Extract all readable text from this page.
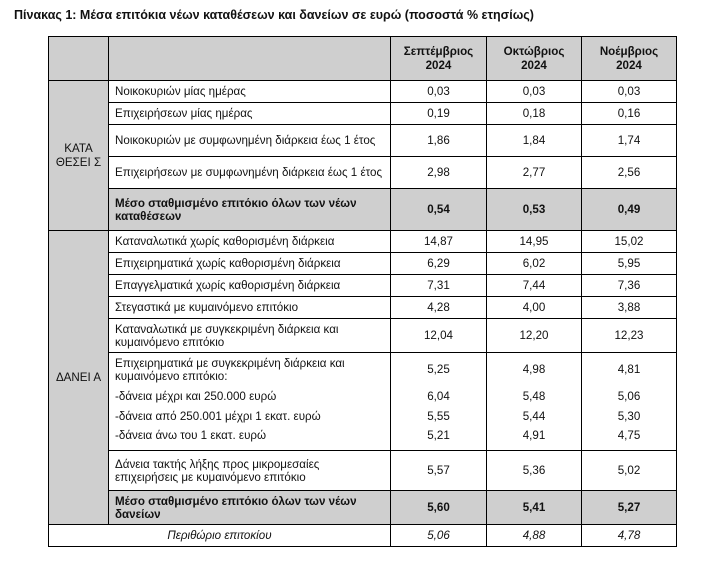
Πίνακας 1: Μέσα επιτόκια νέων καταθέσεων και δανείων σε ευρώ (ποσοστά % ετησίως)
		Σεπτέμβριος 2024	Οκτώβριος 2024	Νοέμβριος 2024
ΚΑΤΑ ΘΕΣΕΙ Σ	Νοικοκυριών μίας ημέρας	0,03	0,03	0,03
	Επιχειρήσεων μίας ημέρας	0,19	0,18	0,16
	Νοικοκυριών με συμφωνημένη διάρκεια έως 1 έτος	1,86	1,84	1,74
	Επιχειρήσεων με συμφωνημένη διάρκεια έως 1 έτος	2,98	2,77	2,56
	Μέσο σταθμισμένο επιτόκιο όλων των νέων καταθέσεων	0,54	0,53	0,49
ΔΑΝΕΙ Α	Καταναλωτικά χωρίς καθορισμένη διάρκεια	14,87	14,95	15,02
	Επιχειρηματικά χωρίς καθορισμένη διάρκεια	6,29	6,02	5,95
	Επαγγελματικά χωρίς καθορισμένη διάρκεια	7,31	7,44	7,36
	Στεγαστικά με κυμαινόμενο επιτόκιο	4,28	4,00	3,88
	Καταναλωτικά με συγκεκριμένη διάρκεια και κυμαινόμενο επιτόκιο	12,04	12,20	12,23
	Επιχειρηματικά με συγκεκριμένη διάρκεια και κυμαινόμενο επιτόκιο:	5,25	4,98	4,81
	-δάνεια μέχρι και 250.000 ευρώ	6,04	5,48	5,06
	-δάνεια από 250.001 μέχρι 1 εκατ. ευρώ	5,55	5,44	5,30
	-δάνεια άνω του 1 εκατ. ευρώ	5,21	4,91	4,75
	Δάνεια τακτής λήξης προς μικρομεσαίες επιχειρήσεις με κυμαινόμενο επιτόκιο	5,57	5,36	5,02
	Μέσο σταθμισμένο επιτόκιο όλων των νέων δανείων	5,60	5,41	5,27
Περιθώριο επιτοκίου		5,06	4,88	4,78
